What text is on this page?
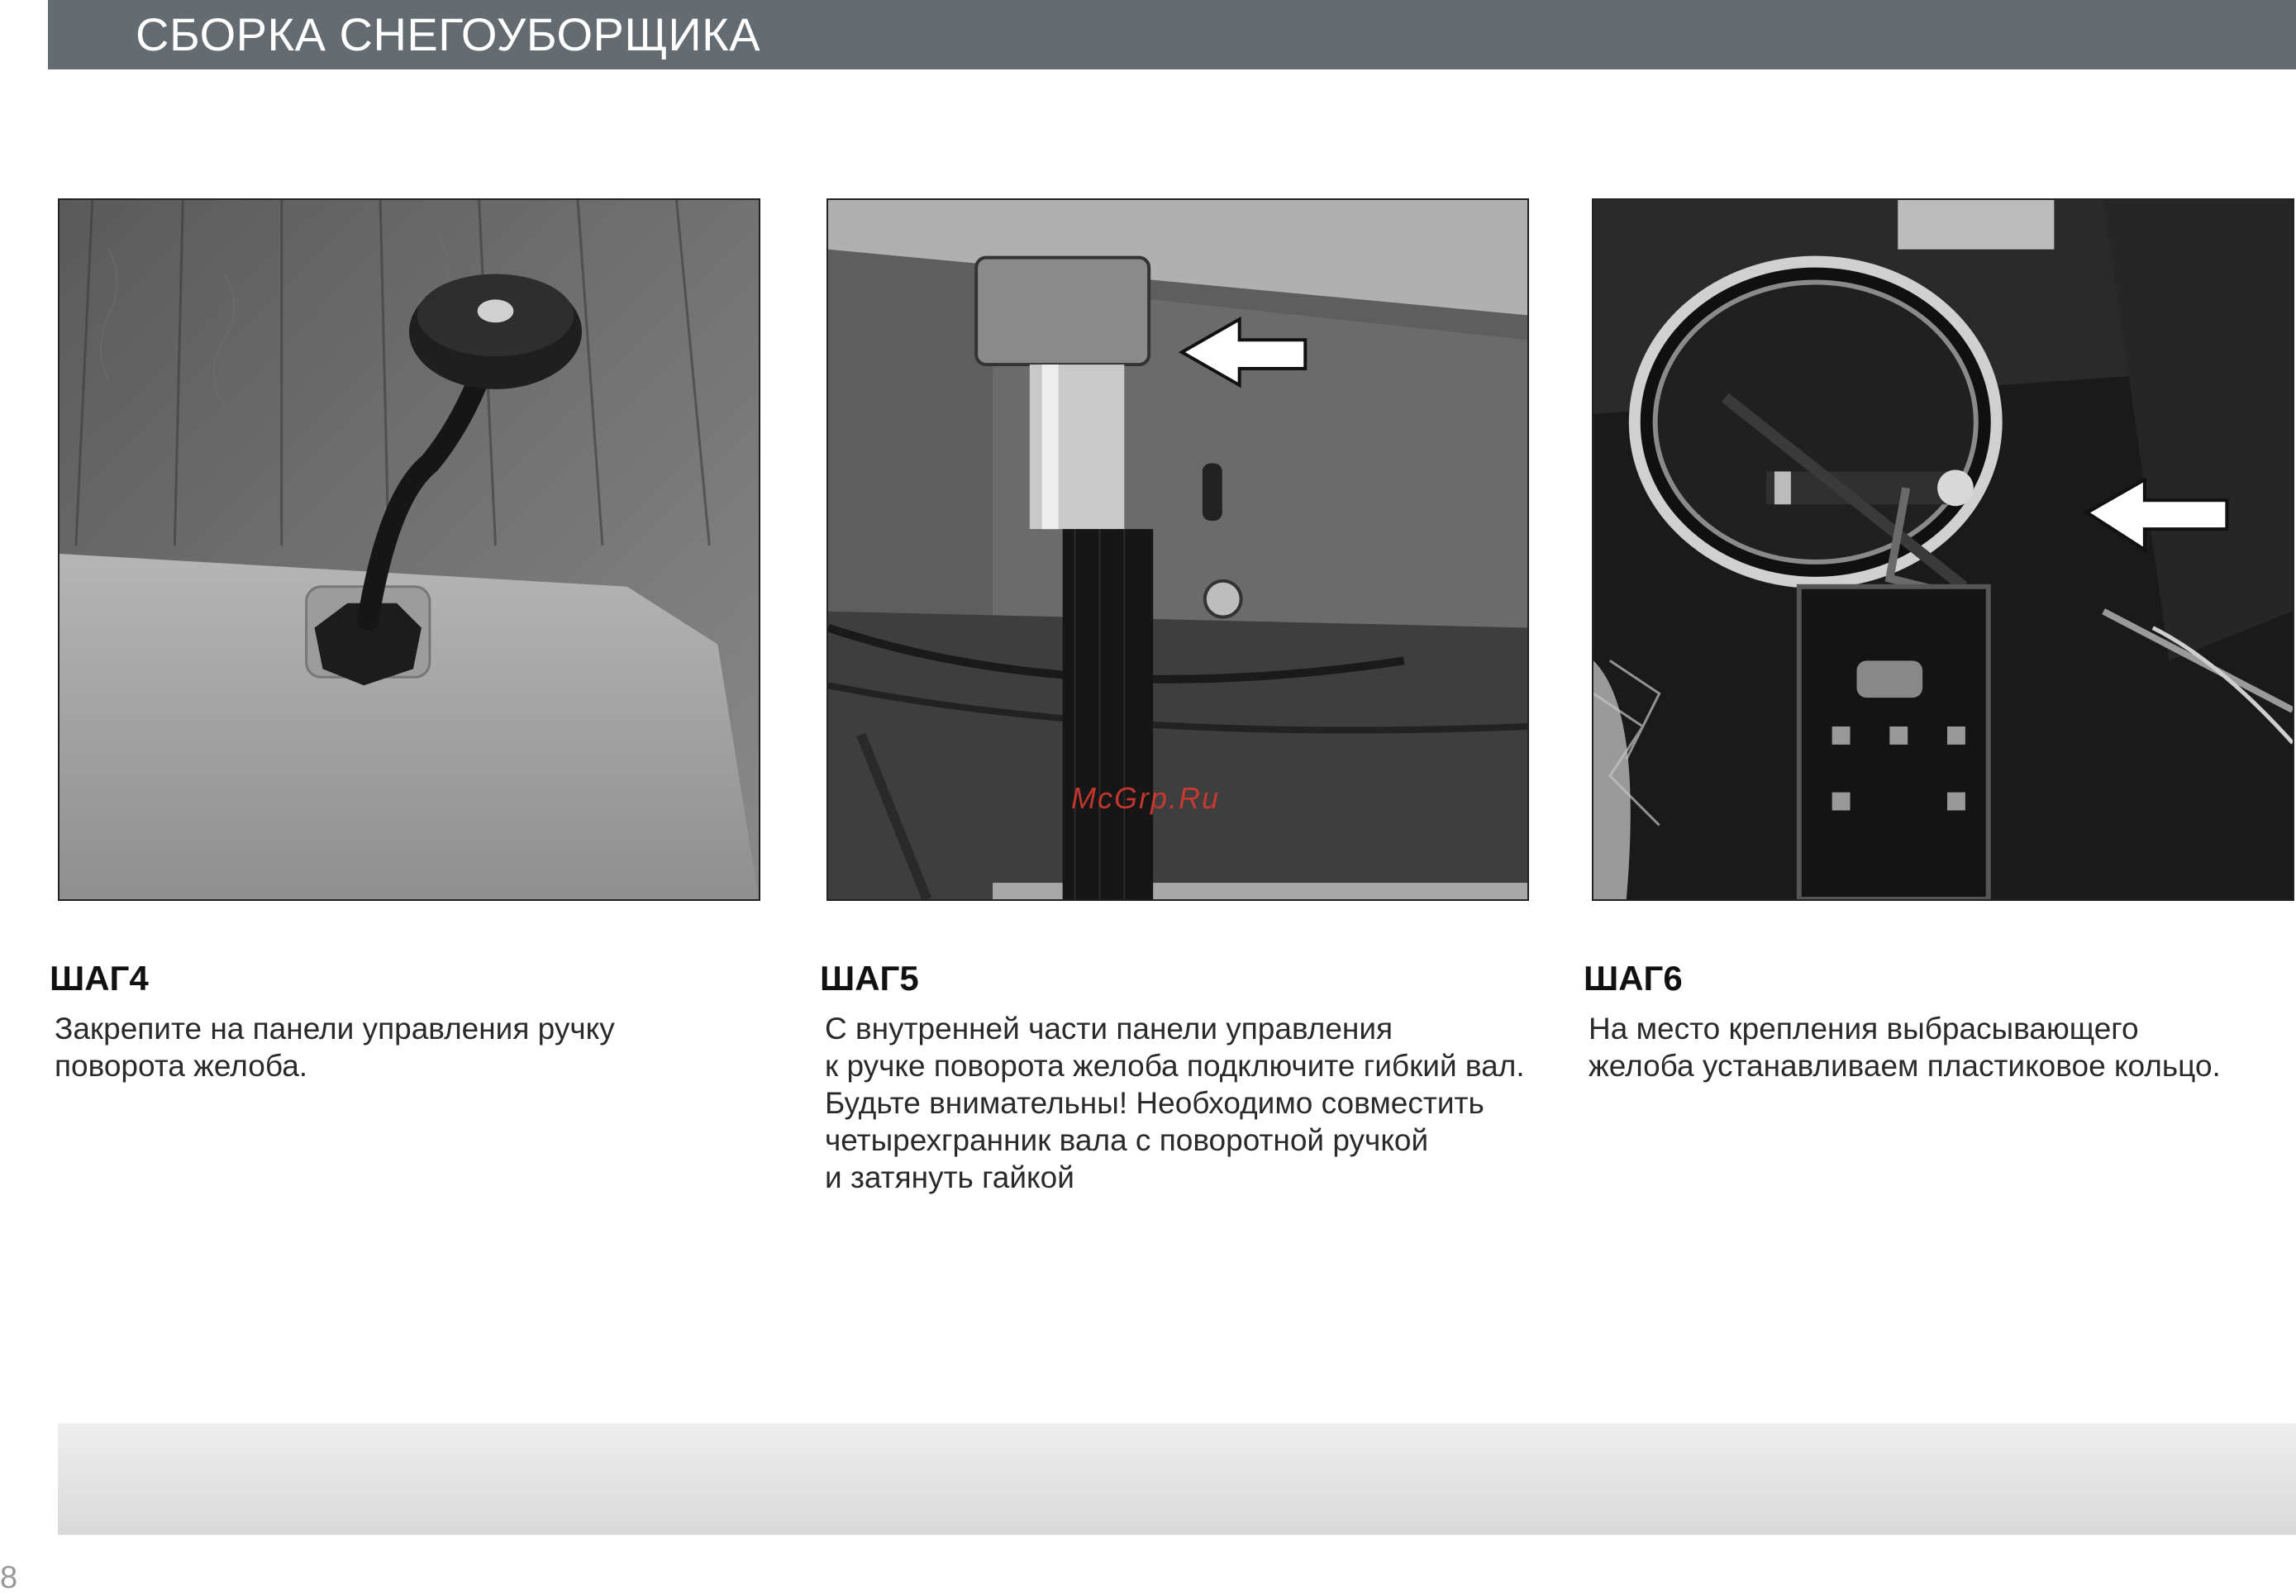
СБОРКА СНЕГОУБОРЩИКА
McGrp.Ru
ШАГ4
Закрепите на панели управления ручку
поворота желоба.
ШАГ5
С внутренней части панели управления
к ручке поворота желоба подключите гибкий вал.
Будьте внимательны! Необходимо совместить
четырехгранник вала с поворотной ручкой
и затянуть гайкой
ШАГ6
На место крепления выбрасывающего
желоба устанавливаем пластиковое кольцо.
8
